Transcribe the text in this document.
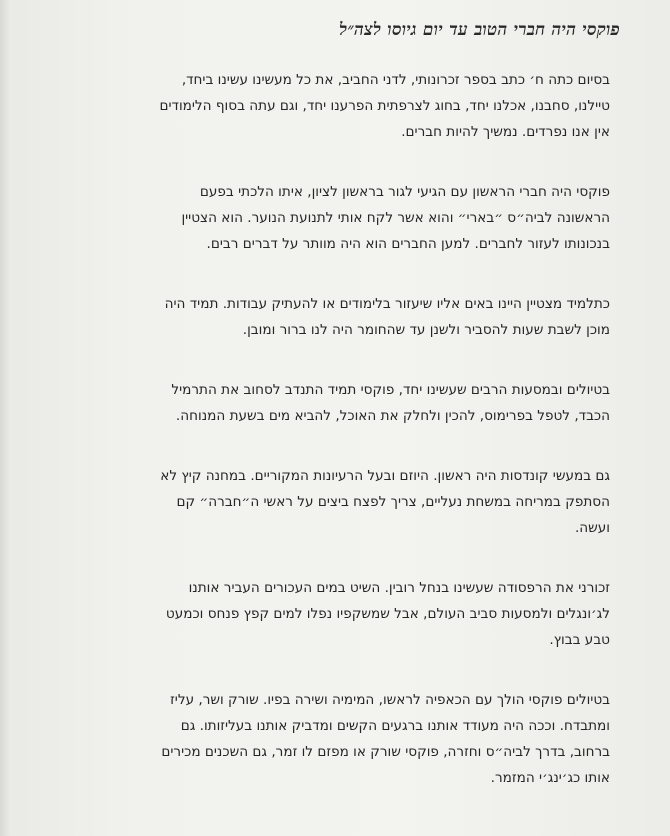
פוקסי היה חברי הטוב עד יום גיוסו לצה״ל

בסיום כתה ח׳ כתב בספר זכרונותי, לדני החביב, את כל מעשינו עשינו ביחד,
טיילנו, סחבנו, אכלנו יחד, בחוג לצרפתית הפרענו יחד, וגם עתה בסוף הלימודים
אין אנו נפרדים. נמשיך להיות חברים.

פוקסי היה חברי הראשון עם הגיעי לגור בראשון לציון, איתו הלכתי בפעם
הראשונה לביה״ס ״בארי״ והוא אשר לקח אותי לתנועת הנוער. הוא הצטיין
בנכונותו לעזור לחברים. למען החברים הוא היה מוותר על דברים רבים.

כתלמיד מצטיין היינו באים אליו שיעזור בלימודים או להעתיק עבודות. תמיד היה
מוכן לשבת שעות להסביר ולשנן עד שהחומר היה לנו ברור ומובן.

בטיולים ובמסעות הרבים שעשינו יחד, פוקסי תמיד התנדב לסחוב את התרמיל
הכבד, לטפל בפרימוס, להכין ולחלק את האוכל, להביא מים בשעת המנוחה.

גם במעשי קונדסות היה ראשון. היוזם ובעל הרעיונות המקוריים. במחנה קיץ לא
הסתפק במריחה במשחת נעליים, צריך לפצח ביצים על ראשי ה״חברה״ קם
ועשה.

זכורני את הרפסודה שעשינו בנחל רובין. השיט במים העכורים העביר אותנו
לג׳ונגלים ולמסעות סביב העולם, אבל שמשקפיו נפלו למים קפץ פנחס וכמעט
טבע בבוץ.

בטיולים פוקסי הולך עם הכאפיה לראשו, המימיה ושירה בפיו. שורק ושר, עליז
ומתבדח. וככה היה מעודד אותנו ברגעים הקשים ומדביק אותנו בעליזותו. גם
ברחוב, בדרך לביה״ס וחזרה, פוקסי שורק או מפזם לו זמר, גם השכנים מכירים
אותו כג׳ינג׳י המזמר.
